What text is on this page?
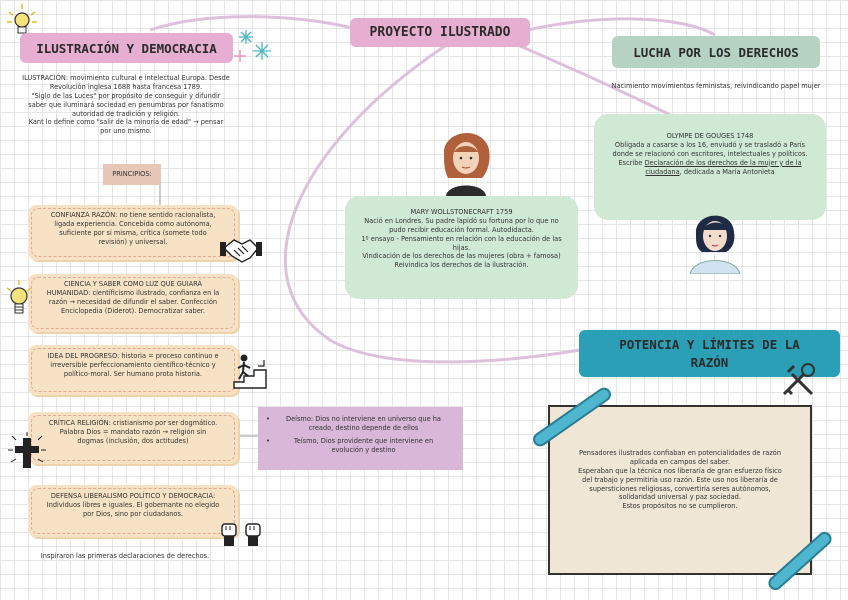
PROYECTO ILUSTRADO
ILUSTRACIÓN Y DEMOCRACIA
ILUSTRACIÓN: movimiento cultural e intelectual Europa. Desde
Revolución inglesa 1688 hasta francesa 1789.
"Siglo de las Luces" por propósito de conseguir y difundir
saber que iluminará sociedad en penumbras por fanatismo
autoridad de tradición y religión.
Kant lo define como "salir de la minoría de edad" → pensar
por uno mismo.
PRINCIPIOS:
CONFIANZA RAZÓN: no tiene sentido racionalista,
ligada experiencia. Concebida como autónoma,
suficiente por si misma, crítica (somete todo
revisión) y universal.
CIENCIA Y SABER COMO LUZ QUE GUIARÁ
HUMANIDAD: científicismo ilustrado, confianza en la
razón → necesidad de difundir el saber. Confección
Enciclopedia (Diderot). Democratizar saber.
IDEA DEL PROGRESO: historia = proceso continuo e
irreversible perfeccionamiento científico-técnico y
político-moral. Ser humano prota historia.
CRÍTICA RELIGIÓN: cristianismo por ser dogmático.
Palabra Dios = mandato razón → religión sin
dogmas (inclusión, dos actitudes)
DEFENSA LIBERALISMO POLÍTICO Y DEMOCRACIA:
Individuos libres e iguales. El gobernante no elegido
por Dios, sino por ciudadanos.
Inspiraron las primeras declaraciones de derechos.
•	Deísmo: Dios no interviene en universo que ha
creado, destino depende de ellos
•	Teísmo, Dios providente que interviene en
evolución y destino
MARY WOLLSTONECRAFT 1759
Nació en Londres. Su padre lapidó su fortuna por lo que no
pudo recibir educación formal. Autodidacta.
1º ensayo - Pensamiento en relación con la educación de las
hijas.
Vindicación de los derechos de las mujeres (obra + famosa)
Reivindica los derechos de la ilustración.
LUCHA POR LOS DERECHOS
Nacimiento movimientos feministas, reivindicando papel mujer
OLYMPE DE GOUGES 1748
Obligada a casarse a los 16, enviudó y se trasladó a París
donde se relacionó con escritores, intelectuales y políticos.
Escribe Declaración de los derechos de la mujer y de la
ciudadana, dedicada a María Antonieta
POTENCIA Y LÍMITES DE LA
RAZÓN
Pensadores ilustrados confiaban en potencialidades de razón
aplicada en campos del saber.
Esperaban que la técnica nos liberaría de gran esfuerzo físico
del trabajo y permitiría uso razón. Este uso nos liberaría de
supersticiones religiosas, convertiría seres autónomos,
solidaridad universal y paz sociedad.
Estos propósitos no se cumplieron.
